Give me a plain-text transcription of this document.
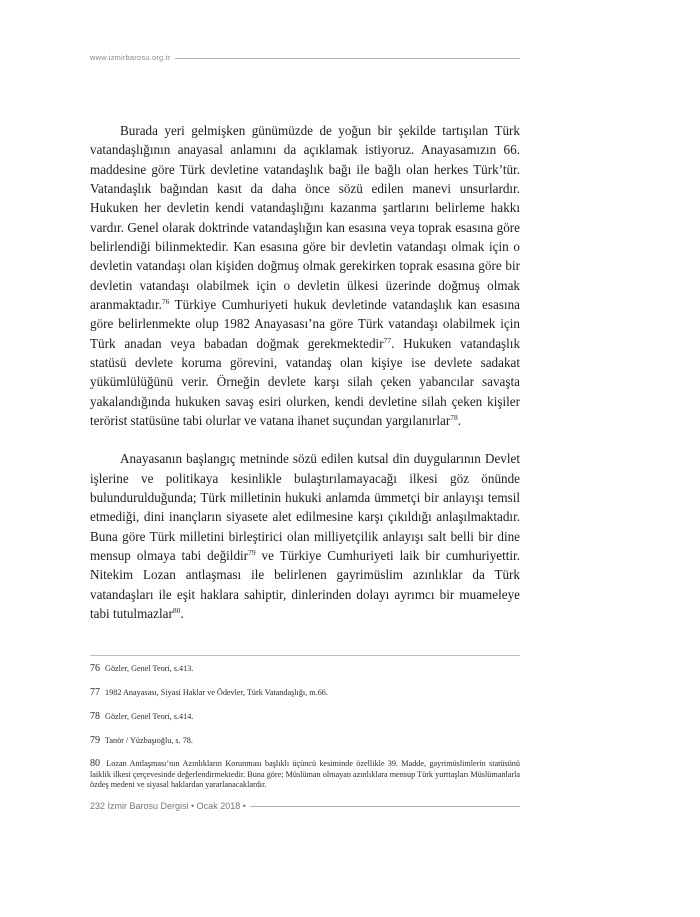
www.izmirbarosu.org.tr

Burada yeri gelmişken günümüzde de yoğun bir şekilde tartışılan Türk vatandaşlığının anayasal anlamını da açıklamak istiyoruz. Anayasamızın 66. maddesine göre Türk devletine vatandaşlık bağı ile bağlı olan herkes Türk’tür. Vatandaşlık bağından kasıt da daha önce sözü edilen manevi unsurlardır. Hukuken her devletin kendi vatandaşlığını kazanma şartlarını belirleme hakkı vardır. Genel olarak doktrinde vatandaşlığın kan esasına veya toprak esasına göre belirlendiği bilinmektedir. Kan esasına göre bir devletin vatandaşı olmak için o devletin vatandaşı olan kişiden doğmuş olmak gerekirken toprak esasına göre bir devletin vatandaşı olabilmek için o devletin ülkesi üzerinde doğmuş olmak aranmaktadır.$^{76}$ Türkiye Cumhuriyeti hukuk devletinde vatandaşlık kan esasına göre belirlenmekte olup 1982 Anayasası’na göre Türk vatandaşı olabilmek için Türk anadan veya babadan doğmak gerekmektedir$^{77}$. Hukuken vatandaşlık statüsü devlete koruma görevini, vatandaş olan kişiye ise devlete sadakat yükümlülüğünü verir. Örneğin devlete karşı silah çeken yabancılar savaşta yakalandığında hukuken savaş esiri olurken, kendi devletine silah çeken kişiler terörist statüsüne tabi olurlar ve vatana ihanet suçundan yargılanırlar$^{78}$.

Anayasanın başlangıç metninde sözü edilen kutsal din duygularının Devlet işlerine ve politikaya kesinlikle bulaştırılamayacağı ilkesi göz önünde bulundurulduğunda; Türk milletinin hukuki anlamda ümmetçi bir anlayışı temsil etmediği, dini inançların siyasete alet edilmesine karşı çıkıldığı anlaşılmaktadır. Buna göre Türk milletini birleştirici olan milliyetçilik anlayışı salt belli bir dine mensup olmaya tabi değildir$^{79}$ ve Türkiye Cumhuriyeti laik bir cumhuriyettir. Nitekim Lozan antlaşması ile belirlenen gayrimüslim azınlıklar da Türk vatandaşları ile eşit haklara sahiptir, dinlerinden dolayı ayrımcı bir muameleye tabi tutulmazlar$^{80}$.

76 Gözler, Genel Teori, s.413.
77 1982 Anayasası, Siyasi Haklar ve Ödevler, Türk Vatandaşlığı, m.66.
78 Gözler, Genel Teori, s.414.
79 Tanör / Yüzbaşıoğlu, s. 78.
80 Lozan Antlaşması’nın Azınlıkların Korunması başlıklı üçüncü kesiminde özellikle 39. Madde, gayrimüslimlerin statüsünü laiklik ilkesi çerçevesinde değerlendirmektedir. Buna göre; Müslüman olmayan azınlıklara mensup Türk yurttaşları Müslümanlarla özdeş medeni ve siyasal haklardan yararlanacaklardır.
232 İzmir Barosu Dergisi • Ocak 2018 •
